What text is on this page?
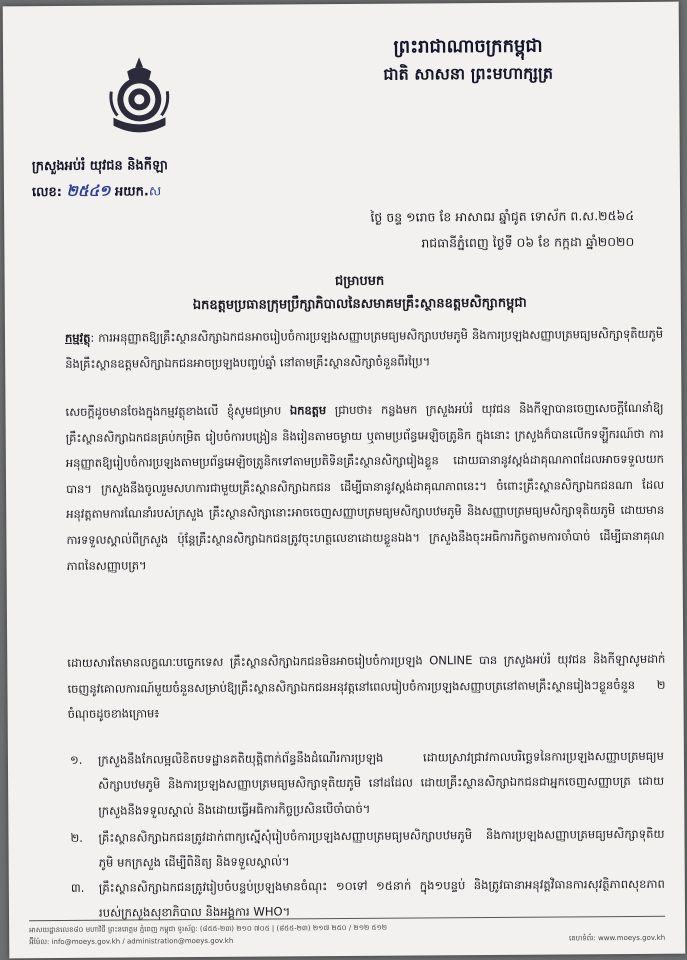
ព្រះរាជាណាចក្រកម្ពុជា
ជាតិ សាសនា ព្រះមហាក្សត្រ
ក្រសួងអប់រំ យុវជន និងកីឡា
លេខ: ២៥៤១ អយក.ស
ថ្ងៃ ចន្ទ ១រោច ខែ អាសាឍ ឆ្នាំជូត ទោស័ក ព.ស.២៥៦៤
រាជធានីភ្នំពេញ ថ្ងៃទី ០៦ ខែ កក្កដា ឆ្នាំ២០២០
ជម្រាបមក
ឯកឧត្តមប្រធានក្រុមប្រឹក្សាភិបាលនៃសមាគមគ្រឹះស្ថានឧត្តមសិក្សាកម្ពុជា
កម្មវត្ថុ: ការអនុញ្ញាតឱ្យគ្រឹះស្ថានសិក្សាឯកជនអាចរៀបចំការប្រឡងសញ្ញាបត្រមធ្យមសិក្សាបឋមភូមិ និងការប្រឡងសញ្ញាបត្រមធ្យមសិក្សាទុតិយភូមិ និងគ្រឹះស្ថានឧត្តមសិក្សាឯកជនអាចប្រឡងបញ្ចប់ឆ្នាំ នៅតាមគ្រឹះស្ថានសិក្សាចំនួនពីរប្រៃ។
សេចក្ដីដូចមានចែងក្នុងកម្មវត្ថុខាងលើ ខ្ញុំសូមជម្រាប ឯកឧត្តម ជ្រាបថា៖ កន្លងមក ក្រសួងអប់រំ យុវជន និងកីឡាបានចេញសេចក្ដីណែនាំឱ្យគ្រឹះស្ថានសិក្សាឯកជនគ្រប់កម្រិត រៀបចំការបង្រៀន និងរៀនតាមចម្ងាយ ឬតាមប្រព័ន្ធអេឡិចត្រូនិក ក្នុងនោះ ក្រសួងក៏បានលើកទឡ្ហីករណ៍ថា ការអនុញ្ញាតឱ្យរៀបចំការប្រឡងតាមប្រព័ន្ធអេឡិចត្រូនិកទៅតាមប្រតិទិនគ្រឹះស្ថានសិក្សារៀងខ្លួន ដោយធានានូវស្តង់ដាគុណភាពដែលអាចទទួលយកបាន។ ក្រសួងនឹងចូលរួមសហការជាមួយគ្រឹះស្ថានសិក្សាឯកជន ដើម្បីធានានូវស្តង់ដាគុណភាពនេះ។ ចំពោះគ្រឹះស្ថានសិក្សាឯកជនណា ដែលអនុវត្តតាមការណែនាំរបស់ក្រសួង គ្រឹះស្ថានសិក្សានោះអាចចេញសញ្ញាបត្រមធ្យមសិក្សាបឋមភូមិ និងសញ្ញាបត្រមធ្យមសិក្សាទុតិយភូមិ ដោយមានការទទួលស្គាល់ពីក្រសួង ប៉ុន្តែគ្រឹះស្ថានសិក្សាឯកជនត្រូវចុះហត្ថលេខាដោយខ្លួនឯង។ ក្រសួងនឹងចុះអធិការកិច្ចតាមការចាំបាច់ ដើម្បីធានាគុណភាពនៃសញ្ញាបត្រ។
ដោយសារតែមានលក្ខណៈបច្ចេកទេស គ្រឹះស្ថានសិក្សាឯកជនមិនអាចរៀបចំការប្រឡង ONLINE បាន ក្រសួងអប់រំ យុវជន និងកីឡាសូមដាក់ចេញនូវគោលការណ៍មួយចំនួនសម្រាប់ឱ្យគ្រឹះស្ថានសិក្សាឯកជនអនុវត្តនៅពេលរៀបចំការប្រឡងសញ្ញាបត្រនៅតាមគ្រឹះស្ថានរៀងៗខ្លួនចំនួន ២ ចំណុចដូចខាងក្រោម៖
១. ក្រសួងនឹងកែលម្អលិខិតបទដ្ឋានគតិយុត្តិពាក់ព័ន្ធនឹងដំណើរការប្រឡង ដោយស្រាវជ្រាវកាលបរិច្ឆេទនៃការប្រឡងសញ្ញាបត្រមធ្យមសិក្សាបឋមភូមិ និងការប្រឡងសញ្ញាបត្រមធ្យមសិក្សាទុតិយភូមិ នៅដដែល ដោយគ្រឹះស្ថានសិក្សាឯកជនជាអ្នកចេញសញ្ញាបត្រ ដោយក្រសួងនឹងទទួលស្គាល់ និងដោយធ្វើអធិការកិច្ចប្រសិនបើចាំបាច់។
២. គ្រឹះស្ថានសិក្សាឯកជនត្រូវដាក់ពាក្យស្នើសុំរៀបចំការប្រឡងសញ្ញាបត្រមធ្យមសិក្សាបឋមភូមិ និងការប្រឡងសញ្ញាបត្រមធ្យមសិក្សាទុតិយភូមិ មកក្រសួង ដើម្បីពិនិត្យ និងទទួលស្គាល់។
៣. គ្រឹះស្ថានសិក្សាឯកជនត្រូវរៀបចំបន្ទប់ប្រឡងមានចំណុះ ១០ទៅ ១៥នាក់ ក្នុង១បន្ទប់ និងត្រូវធានាអនុវត្តវិធានការសុវត្ថិភាពសុខភាពរបស់ក្រសួងសុខាភិបាល និងអង្គការ WHO។
អាសយដ្ឋានលេខ៨០ មហាវិថី ព្រះនរោត្តម ភ្នំពេញ កម្ពុជា ទូរស័ព្ទ: (៨៥៥-២៣) ២១០ ៧០៥ | (៨៥៥-២៣) ២១៧ ២៥០ / ២១២ ៥១២
អ៊ីម៉ែល: info@moeys.gov.kh / administration@moeys.gov.kh	គេហទំព័រ: www.moeys.gov.kh
